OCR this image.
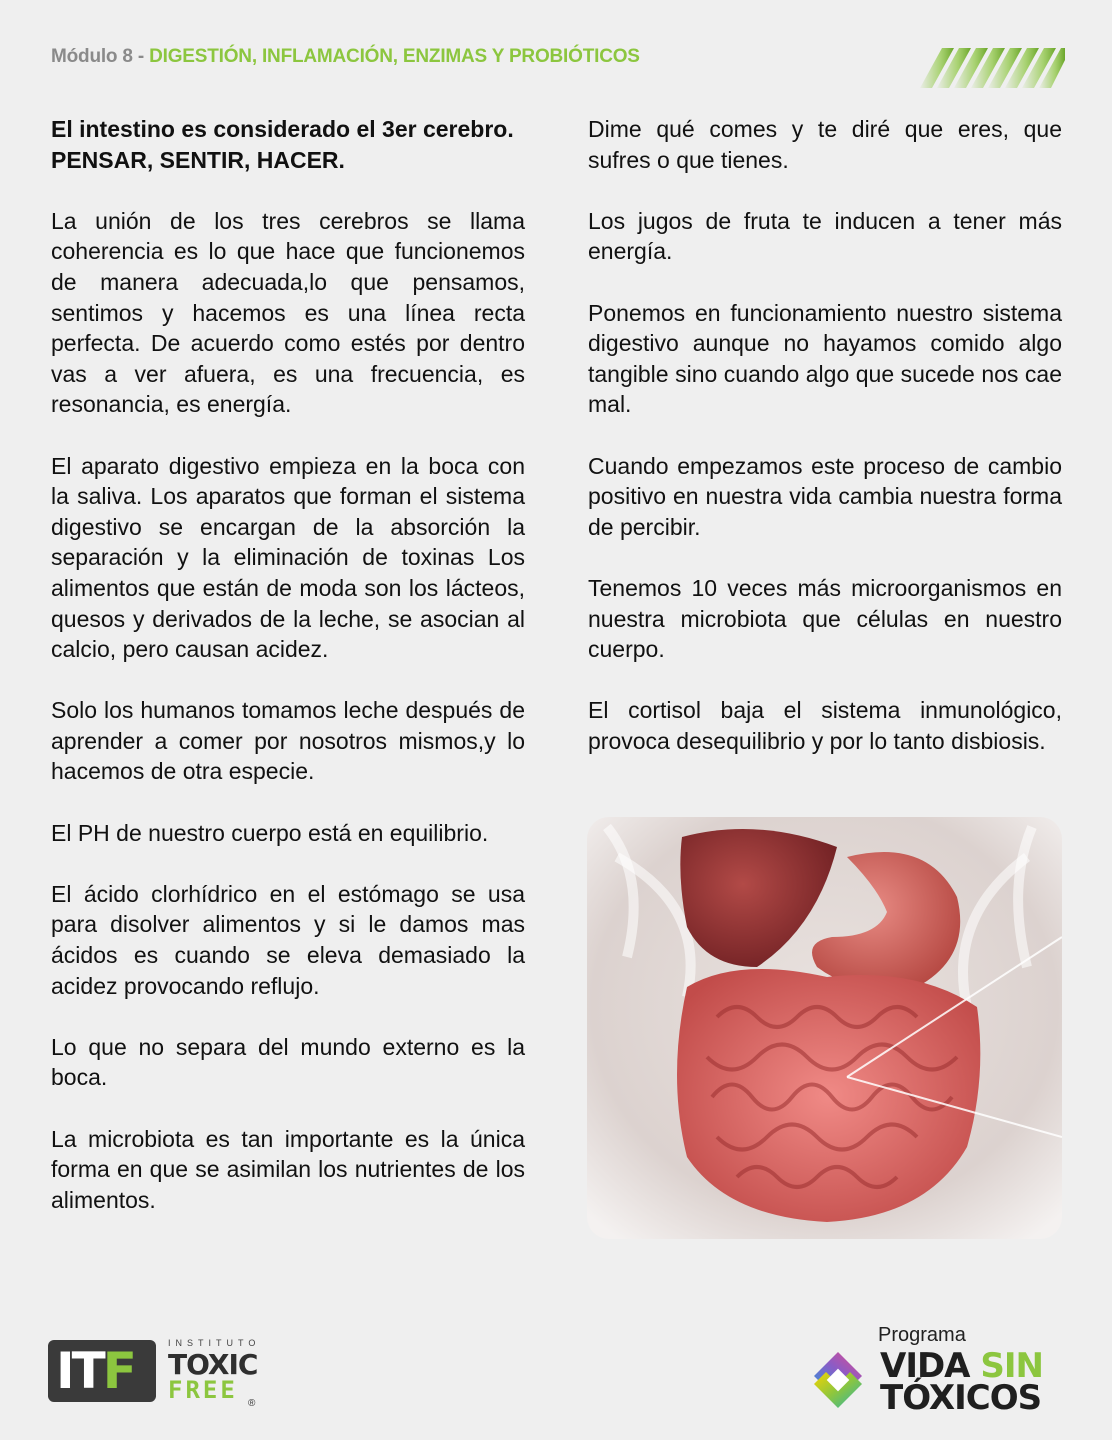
Módulo 8 - DIGESTIÓN, INFLAMACIÓN, ENZIMAS Y PROBIÓTICOS

El intestino es considerado el 3er cerebro.
PENSAR, SENTIR, HACER.

La unión de los tres cerebros se llama coherencia es lo que hace que funcionemos de manera adecuada,lo que pensamos, sentimos y hacemos es una línea recta perfecta. De acuerdo como estés por dentro vas a ver afuera, es una frecuencia, es resonancia, es energía.

El aparato digestivo empieza en la boca con la saliva. Los aparatos que forman el sistema digestivo se encargan de la absorción la separación y la eliminación de toxinas Los alimentos que están de moda son los lácteos, quesos y derivados de la leche, se asocian al calcio, pero causan acidez.

Solo los humanos tomamos leche después de aprender a comer por nosotros mismos,y lo hacemos de otra especie.

El PH de nuestro cuerpo está en equilibrio.

El ácido clorhídrico en el estómago se usa para disolver alimentos y si le damos mas ácidos es cuando se eleva demasiado la acidez provocando reflujo.

Lo que no separa del mundo externo es la boca.

La microbiota es tan importante es la única forma en que se asimilan los nutrientes de los alimentos.

Dime qué comes y te diré que eres, que sufres o que tienes.

Los jugos de fruta te inducen a tener más energía.

Ponemos en funcionamiento nuestro sistema digestivo aunque no hayamos comido algo tangible sino cuando algo que sucede nos cae mal.

Cuando empezamos este proceso de cambio positivo en nuestra vida cambia nuestra forma de percibir.

Tenemos 10 veces más microorganismos en nuestra microbiota que células en nuestro cuerpo.

El cortisol baja el sistema inmunológico, provoca desequilibrio y por lo tanto disbiosis.

ITF	INSTITUTO
TOXIC
FREE	®
Programa
VIDA SIN
TÓXICOS
